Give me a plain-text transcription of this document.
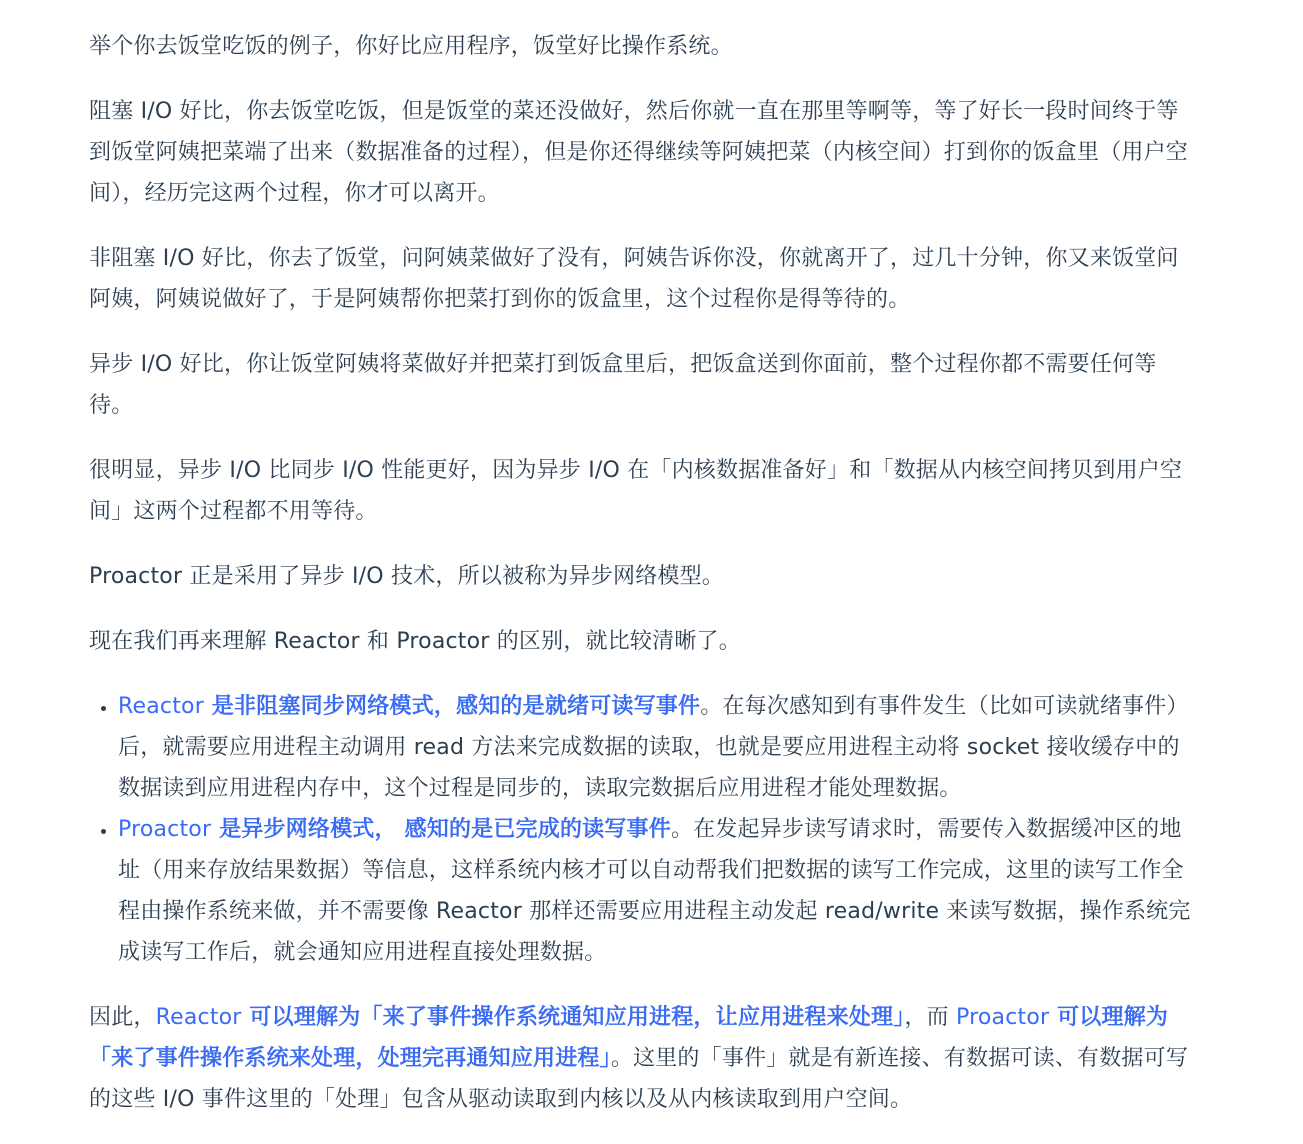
举个你去饭堂吃饭的例子，你好比应用程序，饭堂好比操作系统。

阻塞 I/O 好比，你去饭堂吃饭，但是饭堂的菜还没做好，然后你就一直在那里等啊等，等了好长一段时间终于等到饭堂阿姨把菜端了出来（数据准备的过程），但是你还得继续等阿姨把菜（内核空间）打到你的饭盒里（用户空间），经历完这两个过程，你才可以离开。

非阻塞 I/O 好比，你去了饭堂，问阿姨菜做好了没有，阿姨告诉你没，你就离开了，过几十分钟，你又来饭堂问阿姨，阿姨说做好了，于是阿姨帮你把菜打到你的饭盒里，这个过程你是得等待的。

异步 I/O 好比，你让饭堂阿姨将菜做好并把菜打到饭盒里后，把饭盒送到你面前，整个过程你都不需要任何等待。

很明显，异步 I/O 比同步 I/O 性能更好，因为异步 I/O 在「内核数据准备好」和「数据从内核空间拷贝到用户空间」这两个过程都不用等待。

Proactor 正是采用了异步 I/O 技术，所以被称为异步网络模型。

现在我们再来理解 Reactor 和 Proactor 的区别，就比较清晰了。

• Reactor 是非阻塞同步网络模式，感知的是就绪可读写事件。在每次感知到有事件发生（比如可读就绪事件）后，就需要应用进程主动调用 read 方法来完成数据的读取，也就是要应用进程主动将 socket 接收缓存中的数据读到应用进程内存中，这个过程是同步的，读取完数据后应用进程才能处理数据。
• Proactor 是异步网络模式， 感知的是已完成的读写事件。在发起异步读写请求时，需要传入数据缓冲区的地址（用来存放结果数据）等信息，这样系统内核才可以自动帮我们把数据的读写工作完成，这里的读写工作全程由操作系统来做，并不需要像 Reactor 那样还需要应用进程主动发起 read/write 来读写数据，操作系统完成读写工作后，就会通知应用进程直接处理数据。

因此，Reactor 可以理解为「来了事件操作系统通知应用进程，让应用进程来处理」，而 Proactor 可以理解为「来了事件操作系统来处理，处理完再通知应用进程」。这里的「事件」就是有新连接、有数据可读、有数据可写的这些 I/O 事件这里的「处理」包含从驱动读取到内核以及从内核读取到用户空间。
